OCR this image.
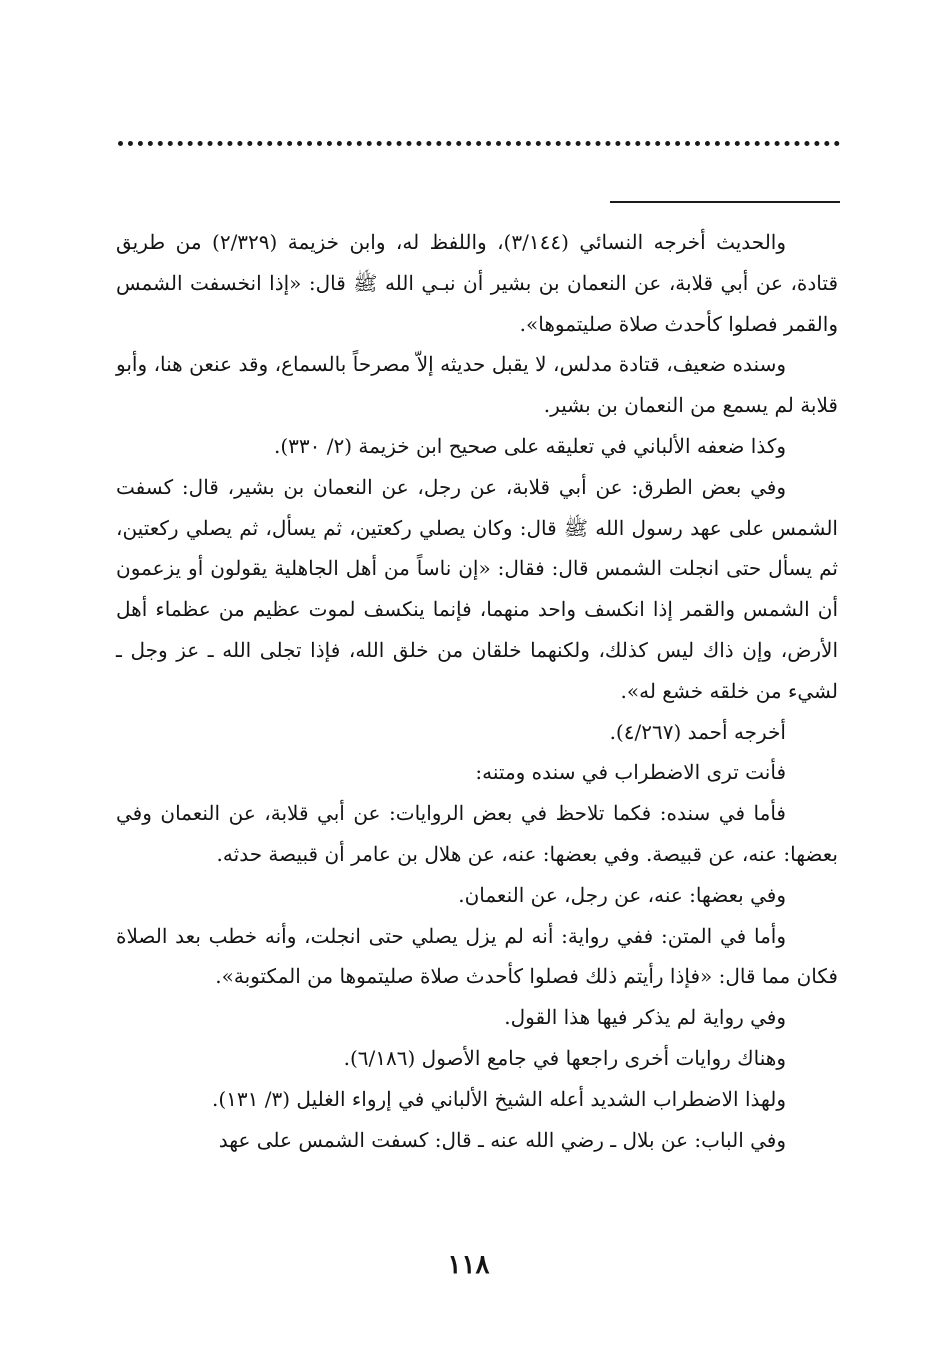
والحديث أخرجه النسائي (٣/١٤٤)، واللفظ له، وابن خزيمة (٢/٣٢٩) من طريق قتادة، عن أبي قلابة، عن النعمان بن بشير أن نبـي الله ﷺ قال: «إذا انخسفت الشمس والقمر فصلوا كأحدث صلاة صليتموها».

وسنده ضعيف، قتادة مدلس، لا يقبل حديثه إلاّ مصرحاً بالسماع، وقد عنعن هنا، وأبو قلابة لم يسمع من النعمان بن بشير.

وكذا ضعفه الألباني في تعليقه على صحيح ابن خزيمة (٢/ ٣٣٠).

وفي بعض الطرق: عن أبي قلابة، عن رجل، عن النعمان بن بشير، قال: كسفت الشمس على عهد رسول الله ﷺ قال: وكان يصلي ركعتين، ثم يسأل، ثم يصلي ركعتين، ثم يسأل حتى انجلت الشمس قال: فقال: «إن ناساً من أهل الجاهلية يقولون أو يزعمون أن الشمس والقمر إذا انكسف واحد منهما، فإنما ينكسف لموت عظيم من عظماء أهل الأرض، وإن ذاك ليس كذلك، ولكنهما خلقان من خلق الله، فإذا تجلى الله ـ عز وجل ـ لشيء من خلقه خشع له».

أخرجه أحمد (٤/٢٦٧).

فأنت ترى الاضطراب في سنده ومتنه:

فأما في سنده: فكما تلاحظ في بعض الروايات: عن أبي قلابة، عن النعمان وفي بعضها: عنه، عن قبيصة. وفي بعضها: عنه، عن هلال بن عامر أن قبيصة حدثه.

وفي بعضها: عنه، عن رجل، عن النعمان.

وأما في المتن: ففي رواية: أنه لم يزل يصلي حتى انجلت، وأنه خطب بعد الصلاة فكان مما قال: «فإذا رأيتم ذلك فصلوا كأحدث صلاة صليتموها من المكتوبة».

وفي رواية لم يذكر فيها هذا القول.

وهناك روايات أخرى راجعها في جامع الأصول (٦/١٨٦).

ولهذا الاضطراب الشديد أعله الشيخ الألباني في إرواء الغليل (٣/ ١٣١).

وفي الباب: عن بلال ـ رضي الله عنه ـ قال: كسفت الشمس على عهد

١١٨
